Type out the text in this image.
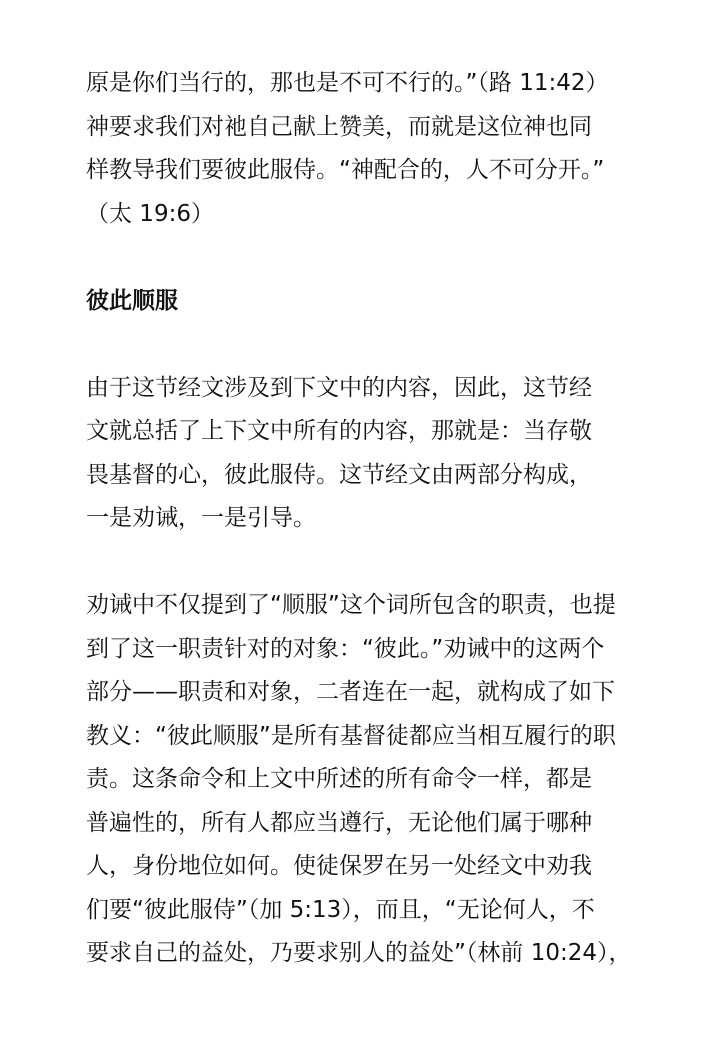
原是你们当行的，那也是不可不行的。”（路 11:42）
神要求我们对祂自己献上赞美，而就是这位神也同
样教导我们要彼此服侍。“神配合的，人不可分开。”
（太 19:6）
彼此顺服
由于这节经文涉及到下文中的内容，因此，这节经
文就总括了上下文中所有的内容，那就是：当存敬
畏基督的心，彼此服侍。这节经文由两部分构成，
一是劝诫，一是引导。
劝诫中不仅提到了“顺服”这个词所包含的职责，也提
到了这一职责针对的对象：“彼此。”劝诫中的这两个
部分——职责和对象，二者连在一起，就构成了如下
教义：“彼此顺服”是所有基督徒都应当相互履行的职
责。这条命令和上文中所述的所有命令一样，都是
普遍性的，所有人都应当遵行，无论他们属于哪种
人，身份地位如何。使徒保罗在另一处经文中劝我
们要“彼此服侍”（加 5:13），而且，“无论何人，不
要求自己的益处，乃要求别人的益处”（林前 10:24），
